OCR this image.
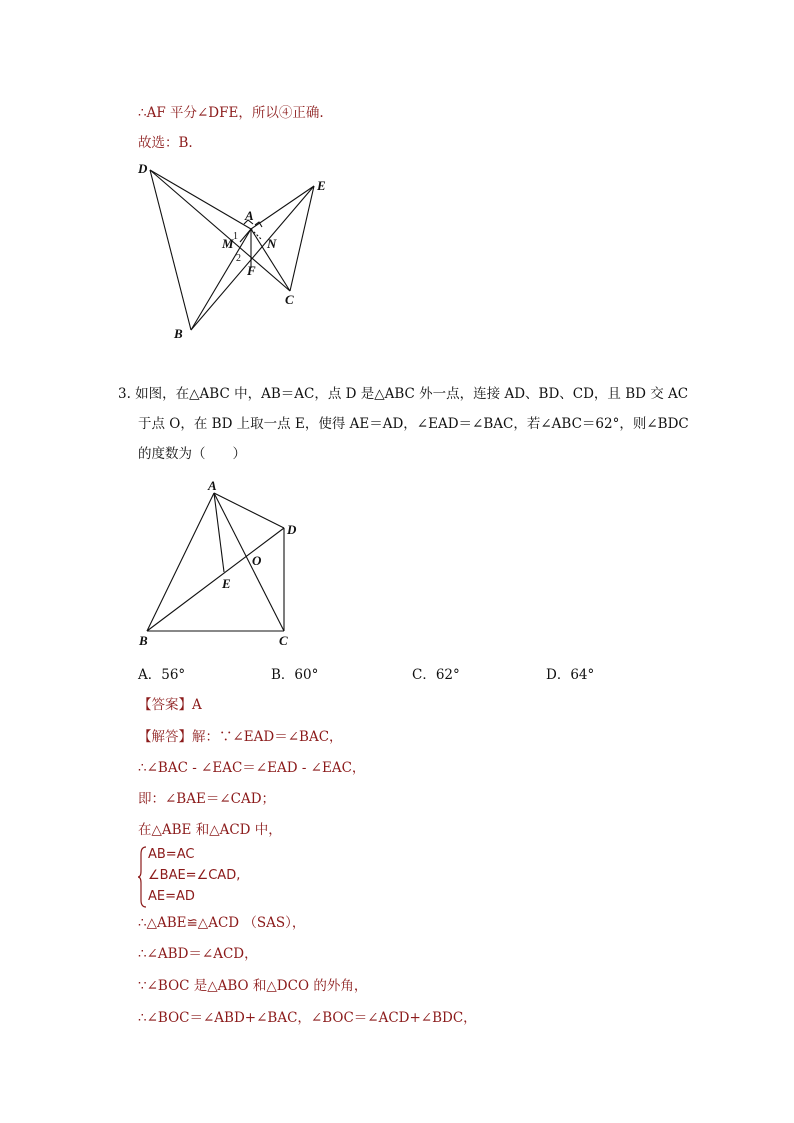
∴AF 平分∠DFE，所以④正确.
故选：B.
D
E
A
M	N
F
C
B
1
2
3. 如图，在△ABC 中，AB＝AC，点 D 是△ABC 外一点，连接 AD、BD、CD，且 BD 交 AC
于点 O，在 BD 上取一点 E，使得 AE＝AD，∠EAD＝∠BAC，若∠ABC＝62°，则∠BDC
的度数为（　　）
A
D
O
E
B	C
A．56°	B．60°	C．62°	D．64°
【答案】A
【解答】解：∵∠EAD＝∠BAC，
∴∠BAC - ∠EAC＝∠EAD - ∠EAC，
即：∠BAE＝∠CAD；
在△ABE 和△ACD 中，
AB=AC
∠BAE=∠CAD,
AE=AD
∴△ABE≌△ACD （SAS），
∴∠ABD＝∠ACD，
∵∠BOC 是△ABO 和△DCO 的外角，
∴∠BOC＝∠ABD+∠BAC，∠BOC＝∠ACD+∠BDC，
